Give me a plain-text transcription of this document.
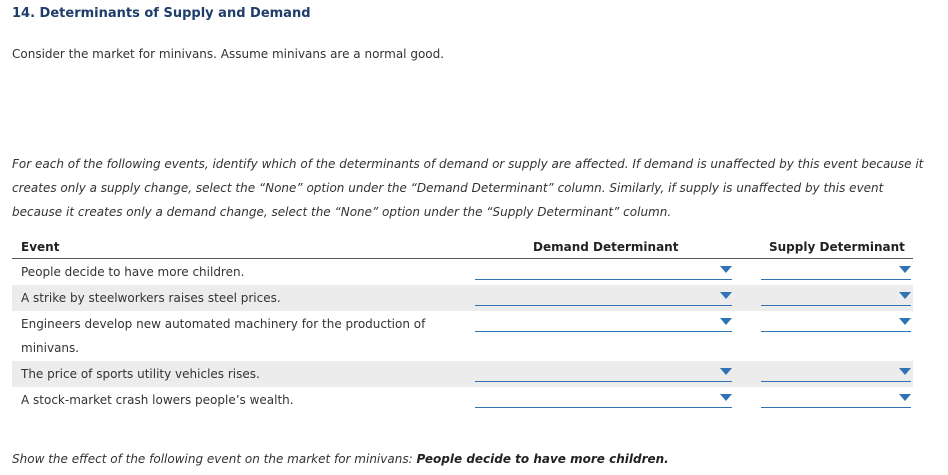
14. Determinants of Supply and Demand
Consider the market for minivans. Assume minivans are a normal good.
For each of the following events, identify which of the determinants of demand or supply are affected. If demand is unaffected by this event because it creates only a supply change, select the “None” option under the “Demand Determinant” column. Similarly, if supply is unaffected by this event because it creates only a demand change, select the “None” option under the “Supply Determinant” column.
Event	Demand Determinant	Supply Determinant
People decide to have more children.
A strike by steelworkers raises steel prices.
Engineers develop new automated machinery for the production of minivans.
The price of sports utility vehicles rises.
A stock-market crash lowers people’s wealth.
Show the effect of the following event on the market for minivans: People decide to have more children.
